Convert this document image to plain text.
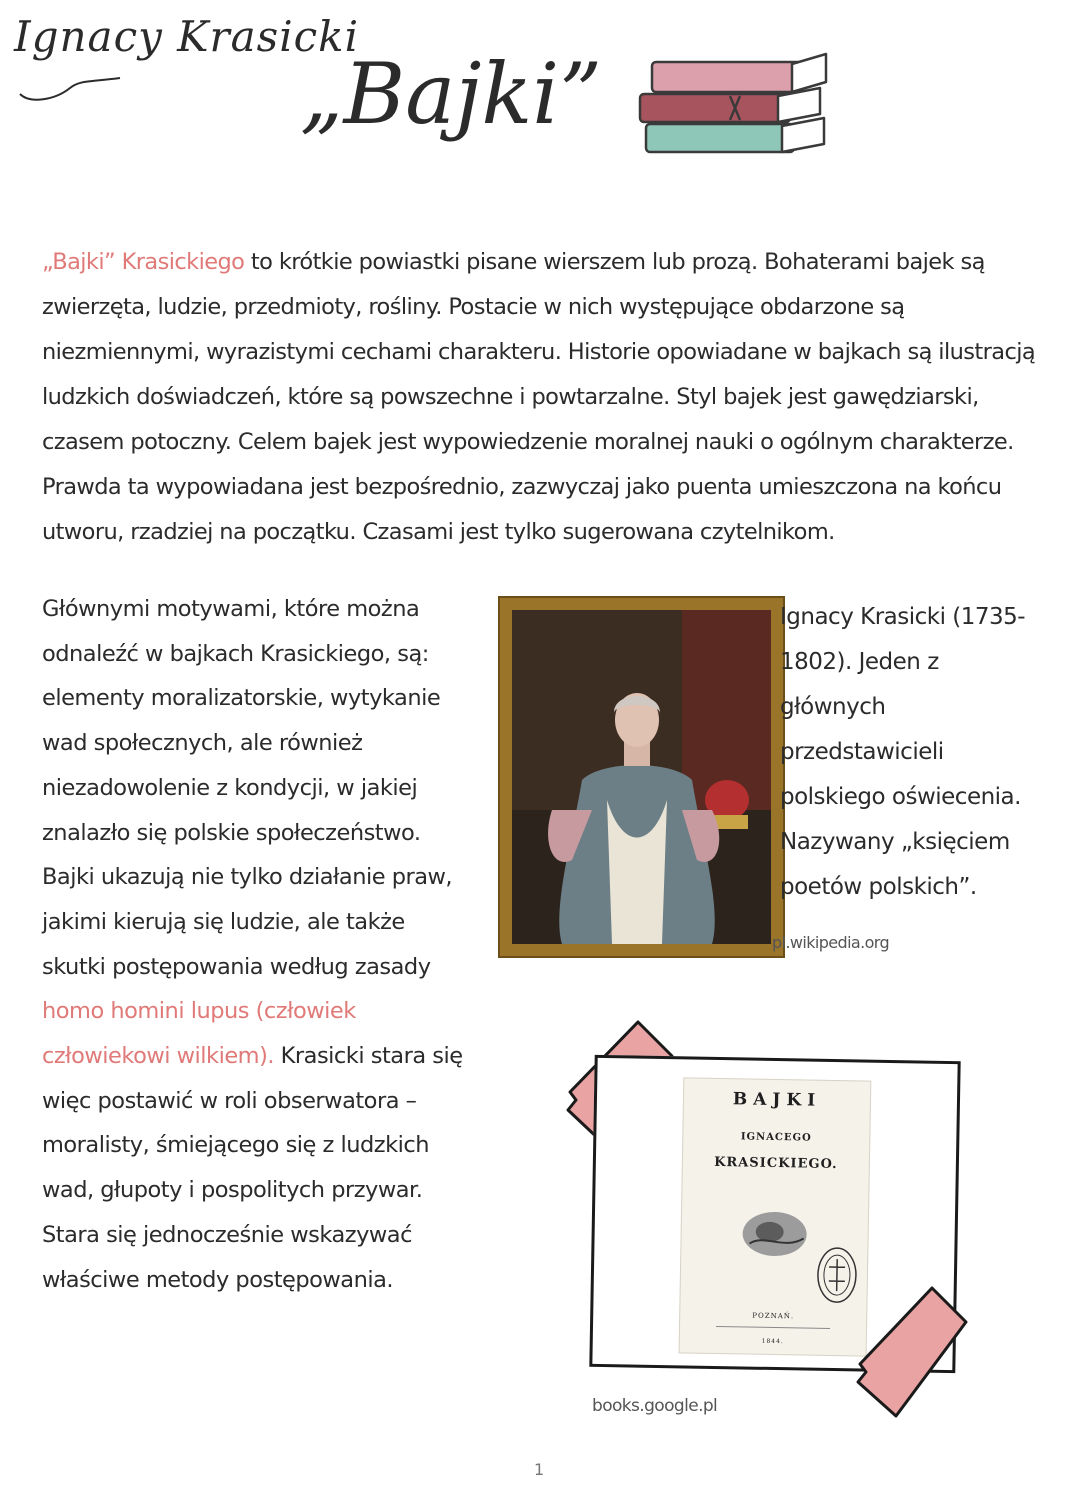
Ignacy Krasicki
„Bajki”

„Bajki” Krasickiego to krótkie powiastki pisane wierszem lub prozą. Bohaterami bajek są zwierzęta, ludzie, przedmioty, rośliny. Postacie w nich występujące obdarzone są niezmiennymi, wyrazistymi cechami charakteru. Historie opowiadane w bajkach są ilustracją ludzkich doświadczeń, które są powszechne i powtarzalne. Styl bajek jest gawędziarski, czasem potoczny. Celem bajek jest wypowiedzenie moralnej nauki o ogólnym charakterze. Prawda ta wypowiadana jest bezpośrednio, zazwyczaj jako puenta umieszczona na końcu utworu, rzadziej na początku. Czasami jest tylko sugerowana czytelnikom.

Głównymi motywami, które można odnaleźć w bajkach Krasickiego, są: elementy moralizatorskie, wytykanie wad społecznych, ale również niezadowolenie z kondycji, w jakiej znalazło się polskie społeczeństwo. Bajki ukazują nie tylko działanie praw, jakimi kierują się ludzie, ale także skutki postępowania według zasady homo homini lupus (człowiek człowiekowi wilkiem). Krasicki stara się więc postawić w roli obserwatora – moralisty, śmiejącego się z ludzkich wad, głupoty i pospolitych przywar. Stara się jednocześnie wskazywać właściwe metody postępowania.

Ignacy Krasicki (1735-1802). Jeden z głównych przedstawicieli polskiego oświecenia. Nazywany „księciem poetów polskich”.

pl.wikipedia.org

BAJKI
IGNACEGO
KRASICKIEGO.
POZNAŃ.
1844.

books.google.pl

1
